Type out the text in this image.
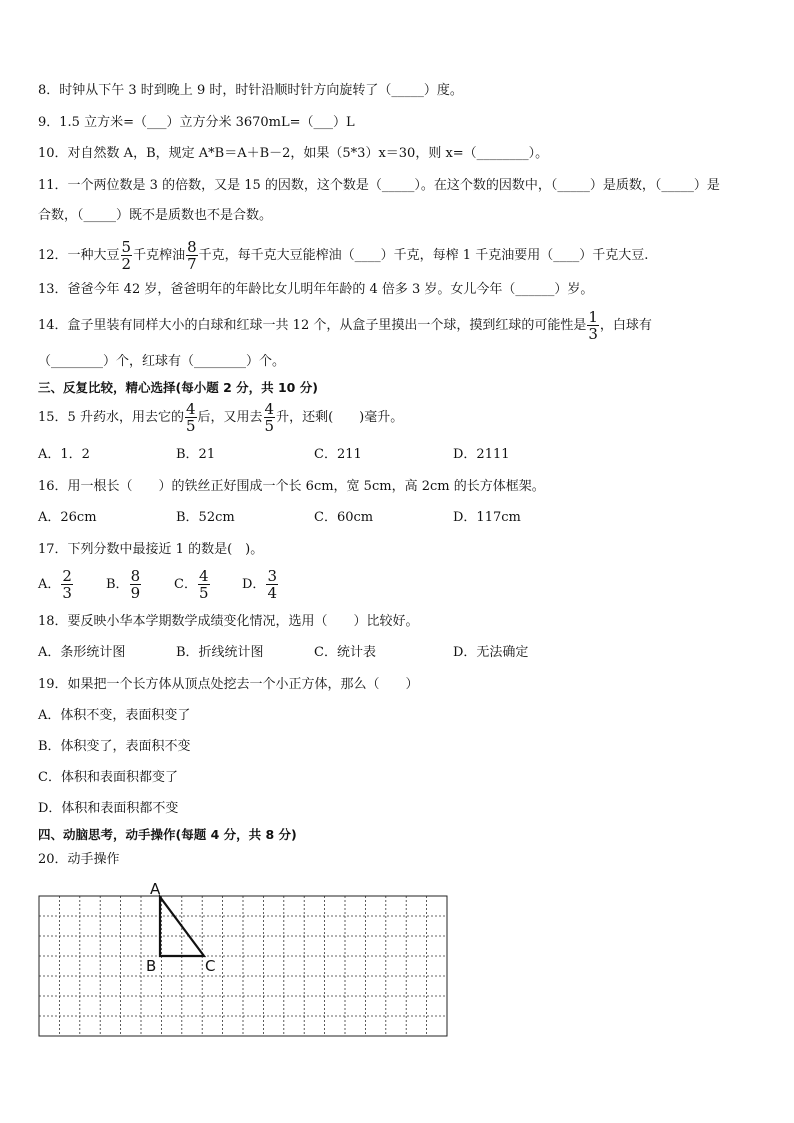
8．时钟从下午 3 时到晚上 9 时，时针沿顺时针方向旋转了（_____）度。
9．1.5 立方米=（___）立方分米 3670mL=（___）L
10．对自然数 A，B，规定 A*B＝A＋B－2，如果（5*3）x＝30，则 x=（________）。
11．一个两位数是 3 的倍数，又是 15 的因数，这个数是（_____）。在这个数的因数中，（_____）是质数，（_____）是
合数，（_____）既不是质数也不是合数。
12．一种大豆 $\frac{5}{2}$ 千克榨油 $\frac{8}{7}$ 千克，每千克大豆能榨油（____）千克，每榨 1 千克油要用（____）千克大豆.
13．爸爸今年 42 岁，爸爸明年的年龄比女儿明年年龄的 4 倍多 3 岁。女儿今年（______）岁。
14．盒子里装有同样大小的白球和红球一共 12 个，从盒子里摸出一个球，摸到红球的可能性是 $\frac{1}{3}$ ，白球有
（________）个，红球有（________）个。
三、反复比较，精心选择(每小题 2 分，共 10 分)
15．5 升药水，用去它的 $\frac{4}{5}$ 后，又用去 $\frac{4}{5}$ 升，还剩(　　)毫升。
A．1．2	B．21	C．211	D．2111
16．用一根长（　　）的铁丝正好围成一个长 6cm，宽 5cm，高 2cm 的长方体框架。
A．26cm	B．52cm	C．60cm	D．117cm
17．下列分数中最接近 1 的数是(　)。
A． $\frac{2}{3}$	B． $\frac{8}{9}$	C． $\frac{4}{5}$	D． $\frac{3}{4}$
18．要反映小华本学期数学成绩变化情况，选用（　　）比较好。
A．条形统计图	B．折线统计图	C．统计表	D．无法确定
19．如果把一个长方体从顶点处挖去一个小正方体，那么（　　）
A．体积不变，表面积变了
B．体积变了，表面积不变
C．体积和表面积都变了
D．体积和表面积都不变
四、动脑思考，动手操作(每题 4 分，共 8 分)
20．动手操作
A
B	C
